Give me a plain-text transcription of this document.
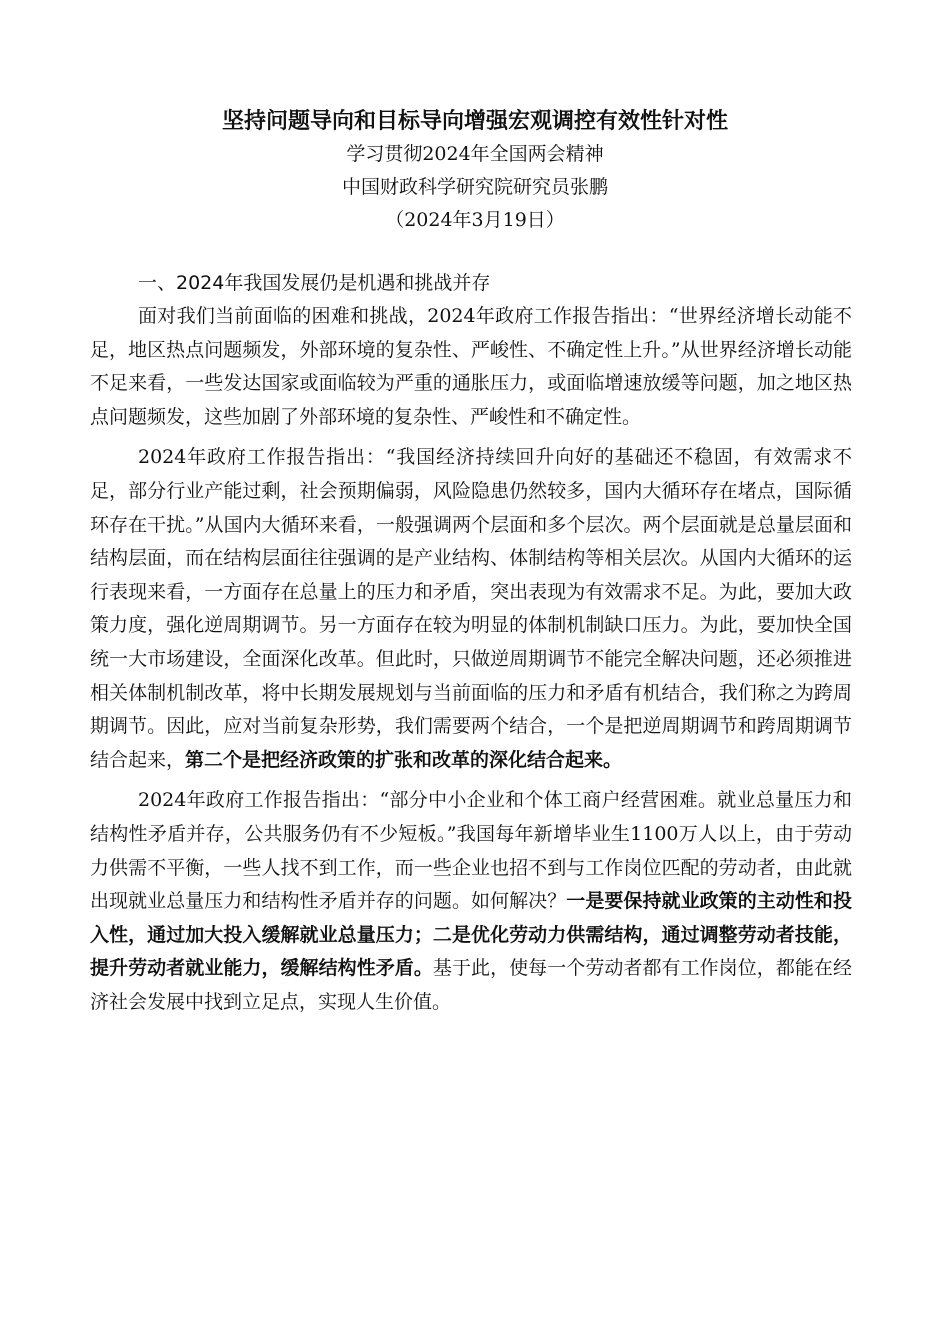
坚持问题导向和目标导向增强宏观调控有效性针对性

学习贯彻2024年全国两会精神

中国财政科学研究院研究员张鹏

（2024年3月19日）

一、2024年我国发展仍是机遇和挑战并存

面对我们当前面临的困难和挑战，2024年政府工作报告指出：“世界经济增长动能不足，地区热点问题频发，外部环境的复杂性、严峻性、不确定性上升。”从世界经济增长动能不足来看，一些发达国家或面临较为严重的通胀压力，或面临增速放缓等问题，加之地区热点问题频发，这些加剧了外部环境的复杂性、严峻性和不确定性。

2024年政府工作报告指出：“我国经济持续回升向好的基础还不稳固，有效需求不足，部分行业产能过剩，社会预期偏弱，风险隐患仍然较多，国内大循环存在堵点，国际循环存在干扰。”从国内大循环来看，一般强调两个层面和多个层次。两个层面就是总量层面和结构层面，而在结构层面往往强调的是产业结构、体制结构等相关层次。从国内大循环的运行表现来看，一方面存在总量上的压力和矛盾，突出表现为有效需求不足。为此，要加大政策力度，强化逆周期调节。另一方面存在较为明显的体制机制缺口压力。为此，要加快全国统一大市场建设，全面深化改革。但此时，只做逆周期调节不能完全解决问题，还必须推进相关体制机制改革，将中长期发展规划与当前面临的压力和矛盾有机结合，我们称之为跨周期调节。因此，应对当前复杂形势，我们需要两个结合，一个是把逆周期调节和跨周期调节结合起来，第二个是把经济政策的扩张和改革的深化结合起来。

2024年政府工作报告指出：“部分中小企业和个体工商户经营困难。就业总量压力和结构性矛盾并存，公共服务仍有不少短板。”我国每年新增毕业生1100万人以上，由于劳动力供需不平衡，一些人找不到工作，而一些企业也招不到与工作岗位匹配的劳动者，由此就出现就业总量压力和结构性矛盾并存的问题。如何解决？一是要保持就业政策的主动性和投入性，通过加大投入缓解就业总量压力；二是优化劳动力供需结构，通过调整劳动者技能，提升劳动者就业能力，缓解结构性矛盾。基于此，使每一个劳动者都有工作岗位，都能在经济社会发展中找到立足点，实现人生价值。
